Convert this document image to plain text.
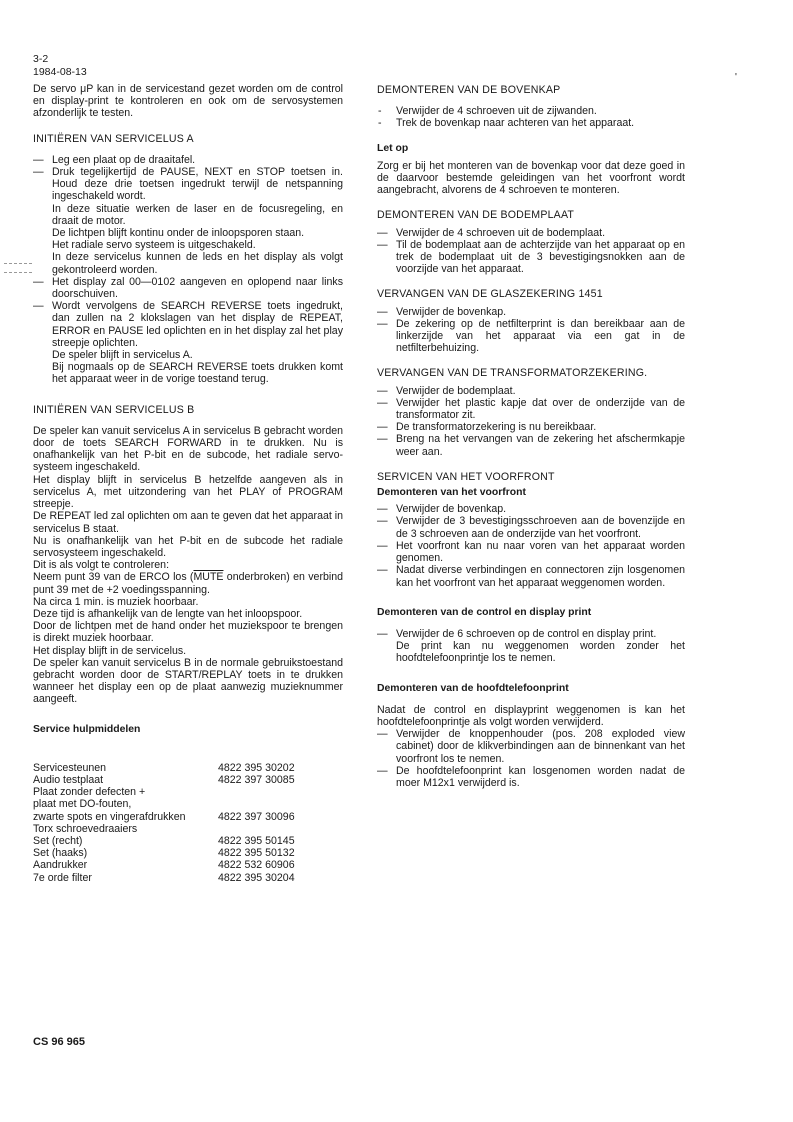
3-2
1984-08-13	'

De servo μP kan in de servicestand gezet worden om de control en display-print te kontroleren en ook om de servosystemen afzonderlijk te testen.

INITIËREN VAN SERVICELUS A
— Leg een plaat op de draaitafel.
— Druk tegelijkertijd de PAUSE, NEXT en STOP toetsen in. Houd deze drie toetsen ingedrukt terwijl de netspanning ingeschakeld wordt.
In deze situatie werken de laser en de focusregeling, en draait de motor.
De lichtpen blijft kontinu onder de inloopsporen staan.
Het radiale servo systeem is uitgeschakeld.
In deze servicelus kunnen de leds en het display als volgt gekontroleerd worden.
— Het display zal 00—0102 aangeven en oplopend naar links doorschuiven.
— Wordt vervolgens de SEARCH REVERSE toets ingedrukt, dan zullen na 2 klokslagen van het display de REPEAT, ERROR en PAUSE led oplichten en in het display zal het play streepje oplichten.
De speler blijft in servicelus A.
Bij nogmaals op de SEARCH REVERSE toets drukken komt het apparaat weer in de vorige toestand terug.
INITIËREN VAN SERVICELUS B

De speler kan vanuit servicelus A in servicelus B gebracht worden door de toets SEARCH FORWARD in te drukken. Nu is onafhankelijk van het P-bit en de subcode, het radiale servo-systeem ingeschakeld.

Het display blijft in servicelus B hetzelfde aangeven als in servicelus A, met uitzondering van het PLAY of PROGRAM streepje.

De REPEAT led zal oplichten om aan te geven dat het apparaat in servicelus B staat.

Nu is onafhankelijk van het P-bit en de subcode het radiale servosysteem ingeschakeld.

Dit is als volgt te controleren:

Neem punt 39 van de ERCO los (MUTE onderbroken) en verbind punt 39 met de +2 voedingsspanning.

Na circa 1 min. is muziek hoorbaar.

Deze tijd is afhankelijk van de lengte van het inloopspoor.

Door de lichtpen met de hand onder het muziekspoor te brengen is direkt muziek hoorbaar.

Het display blijft in de servicelus.

De speler kan vanuit servicelus B in de normale gebruikstoestand gebracht worden door de START/REPLAY toets in te drukken wanneer het display een op de plaat aanwezig muzieknummer aangeeft.

Service hulpmiddelen
Servicesteunen	4822 395 30202
Audio testplaat	4822 397 30085
Plaat zonder defecten +	
plaat met DO-fouten,	
zwarte spots en vingerafdrukken	4822 397 30096
Torx schroevedraaiers	
Set (recht)	4822 395 50145
Set (haaks)	4822 395 50132
Aandrukker	4822 532 60906
7e orde filter	4822 395 30204
DEMONTEREN VAN DE BOVENKAP
- Verwijder de 4 schroeven uit de zijwanden.
- Trek de bovenkap naar achteren van het apparaat.
Let op

Zorg er bij het monteren van de bovenkap voor dat deze goed in de daarvoor bestemde geleidingen van het voorfront wordt aangebracht, alvorens de 4 schroeven te monteren.

DEMONTEREN VAN DE BODEMPLAAT
— Verwijder de 4 schroeven uit de bodemplaat.
— Til de bodemplaat aan de achterzijde van het apparaat op en trek de bodemplaat uit de 3 bevestigingsnokken aan de voorzijde van het apparaat.
VERVANGEN VAN DE GLASZEKERING 1451
— Verwijder de bovenkap.
— De zekering op de netfilterprint is dan bereikbaar aan de linkerzijde van het apparaat via een gat in de netfilterbehuizing.
VERVANGEN VAN DE TRANSFORMATORZEKERING.
— Verwijder de bodemplaat.
— Verwijder het plastic kapje dat over de onderzijde van de transformator zit.
— De transformatorzekering is nu bereikbaar.
— Breng na het vervangen van de zekering het afschermkapje weer aan.
SERVICEN VAN HET VOORFRONT
Demonteren van het voorfront
— Verwijder de bovenkap.
— Verwijder de 3 bevestigingsschroeven aan de bovenzijde en de 3 schroeven aan de onderzijde van het voorfront.
— Het voorfront kan nu naar voren van het apparaat worden genomen.
— Nadat diverse verbindingen en connectoren zijn losgenomen kan het voorfront van het apparaat weggenomen worden.
Demonteren van de control en display print
— Verwijder de 6 schroeven op de control en display print.
De print kan nu weggenomen worden zonder het hoofdtelefoonprintje los te nemen.
Demonteren van de hoofdtelefoonprint

Nadat de control en displayprint weggenomen is kan het hoofdtelefoonprintje als volgt worden verwijderd.

— Verwijder de knoppenhouder (pos. 208 exploded view cabinet) door de klikverbindingen aan de binnenkant van het voorfront los te nemen.
— De hoofdtelefoonprint kan losgenomen worden nadat de moer M12x1 verwijderd is.
CS 96 965
